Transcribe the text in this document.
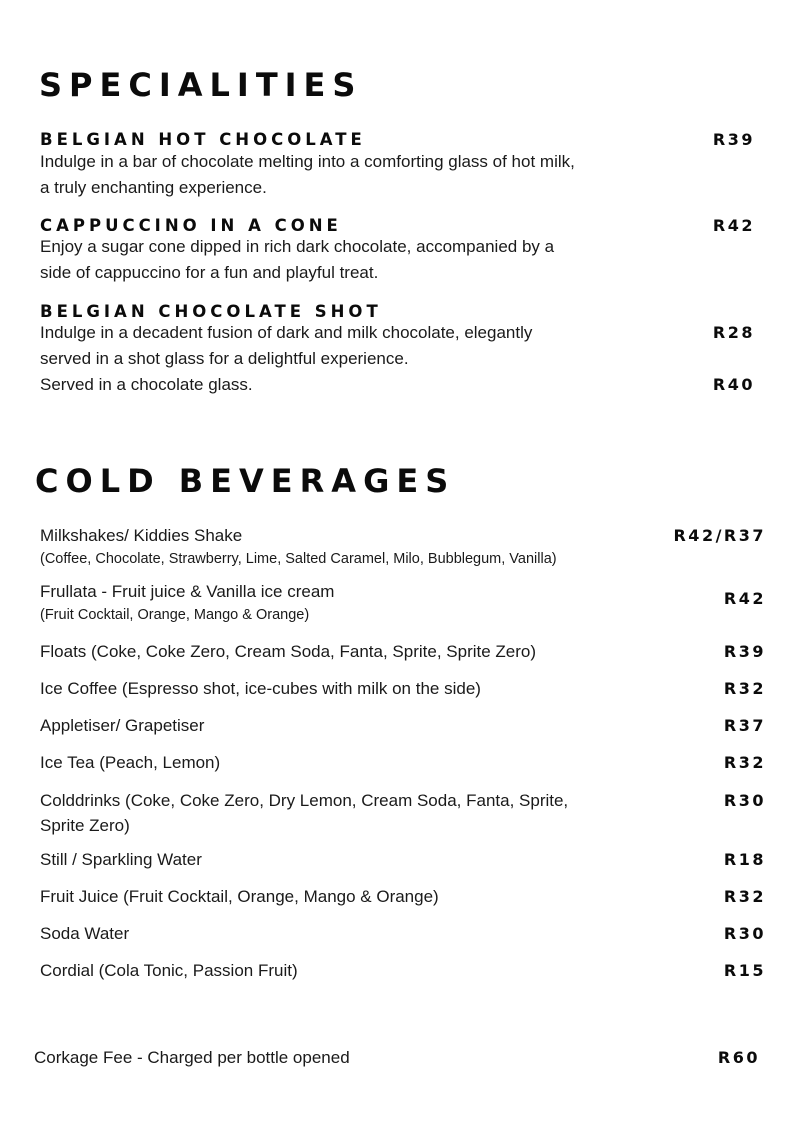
SPECIALITIES
BELGIAN HOT CHOCOLATE	R39
Indulge in a bar of chocolate melting into a comforting glass of hot milk,
a truly enchanting experience.
CAPPUCCINO IN A CONE	R42
Enjoy a sugar cone dipped in rich dark chocolate, accompanied by a
side of cappuccino for a fun and playful treat.
BELGIAN CHOCOLATE SHOT
Indulge in a decadent fusion of dark and milk chocolate, elegantly	R28
served in a shot glass for a delightful experience.
Served in a chocolate glass.	R40
COLD BEVERAGES
Milkshakes/ Kiddies Shake	R42/R37
(Coffee, Chocolate, Strawberry, Lime, Salted Caramel, Milo, Bubblegum, Vanilla)
Frullata - Fruit juice & Vanilla ice cream	R42
(Fruit Cocktail, Orange, Mango & Orange)
Floats (Coke, Coke Zero, Cream Soda, Fanta, Sprite, Sprite Zero)	R39
Ice Coffee (Espresso shot, ice-cubes with milk on the side)	R32
Appletiser/ Grapetiser	R37
Ice Tea (Peach, Lemon)	R32
Colddrinks (Coke, Coke Zero, Dry Lemon, Cream Soda, Fanta, Sprite,	R30
Sprite Zero)
Still / Sparkling Water	R18
Fruit Juice (Fruit Cocktail, Orange, Mango & Orange)	R32
Soda Water	R30
Cordial (Cola Tonic, Passion Fruit)	R15
Corkage Fee - Charged per bottle opened	R60
